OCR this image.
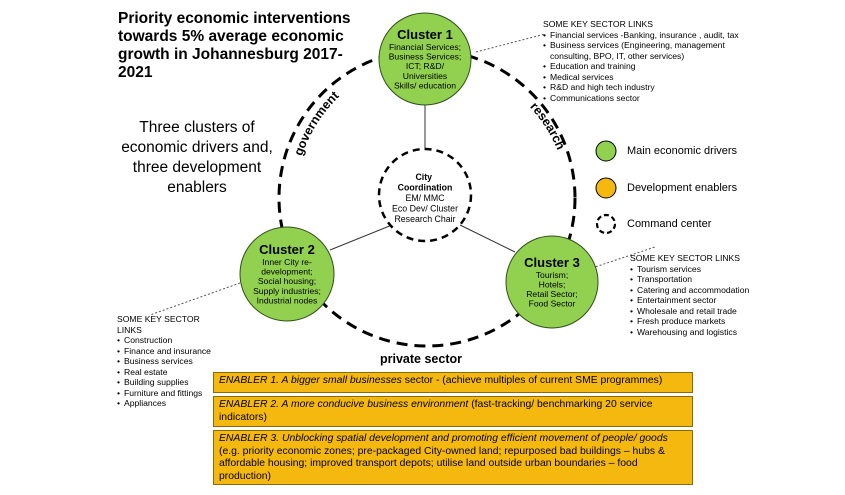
City Coordination
EM/ MMC Eco Dev/ Cluster Research Chair
Cluster 1
Financial Services; Business Services; ICT; R&D/ Universities Skills/ education
Cluster 2
Inner City re-development; Social housing; Supply industries; Industrial nodes
Cluster 3
Tourism; Hotels; Retail Sector; Food Sector
government
research
private sector
Priority economic interventions towards 5% average economic growth in Johannesburg 2017-2021
Three clusters of economic drivers and, three development enablers
Main economic drivers
Development enablers
Command center
SOME KEY SECTOR LINKS
• Financial services -Banking, insurance , audit, tax
• Business services (Engineering, management consulting, BPO, IT, other services)
• Education and training
• Medical services
• R&D and high tech industry
• Communications sector
SOME KEY SECTOR LINKS
• Construction
• Finance and insurance
• Business services
• Real estate
• Building supplies
• Furniture and fittings
• Appliances
SOME KEY SECTOR LINKS
• Tourism services
• Transportation
• Catering and accommodation
• Entertainment sector
• Wholesale and retail trade
• Fresh produce markets
• Warehousing and logistics
ENABLER 1. A bigger small businesses sector - (achieve multiples of current SME programmes)
ENABLER 2. A more conducive business environment (fast-tracking/ benchmarking 20 service indicators)
ENABLER 3. Unblocking spatial development and promoting efficient movement of people/ goods (e.g. priority economic zones; pre-packaged City-owned land; repurposed bad buildings – hubs & affordable housing; improved transport depots; utilise land outside urban boundaries – food production)
